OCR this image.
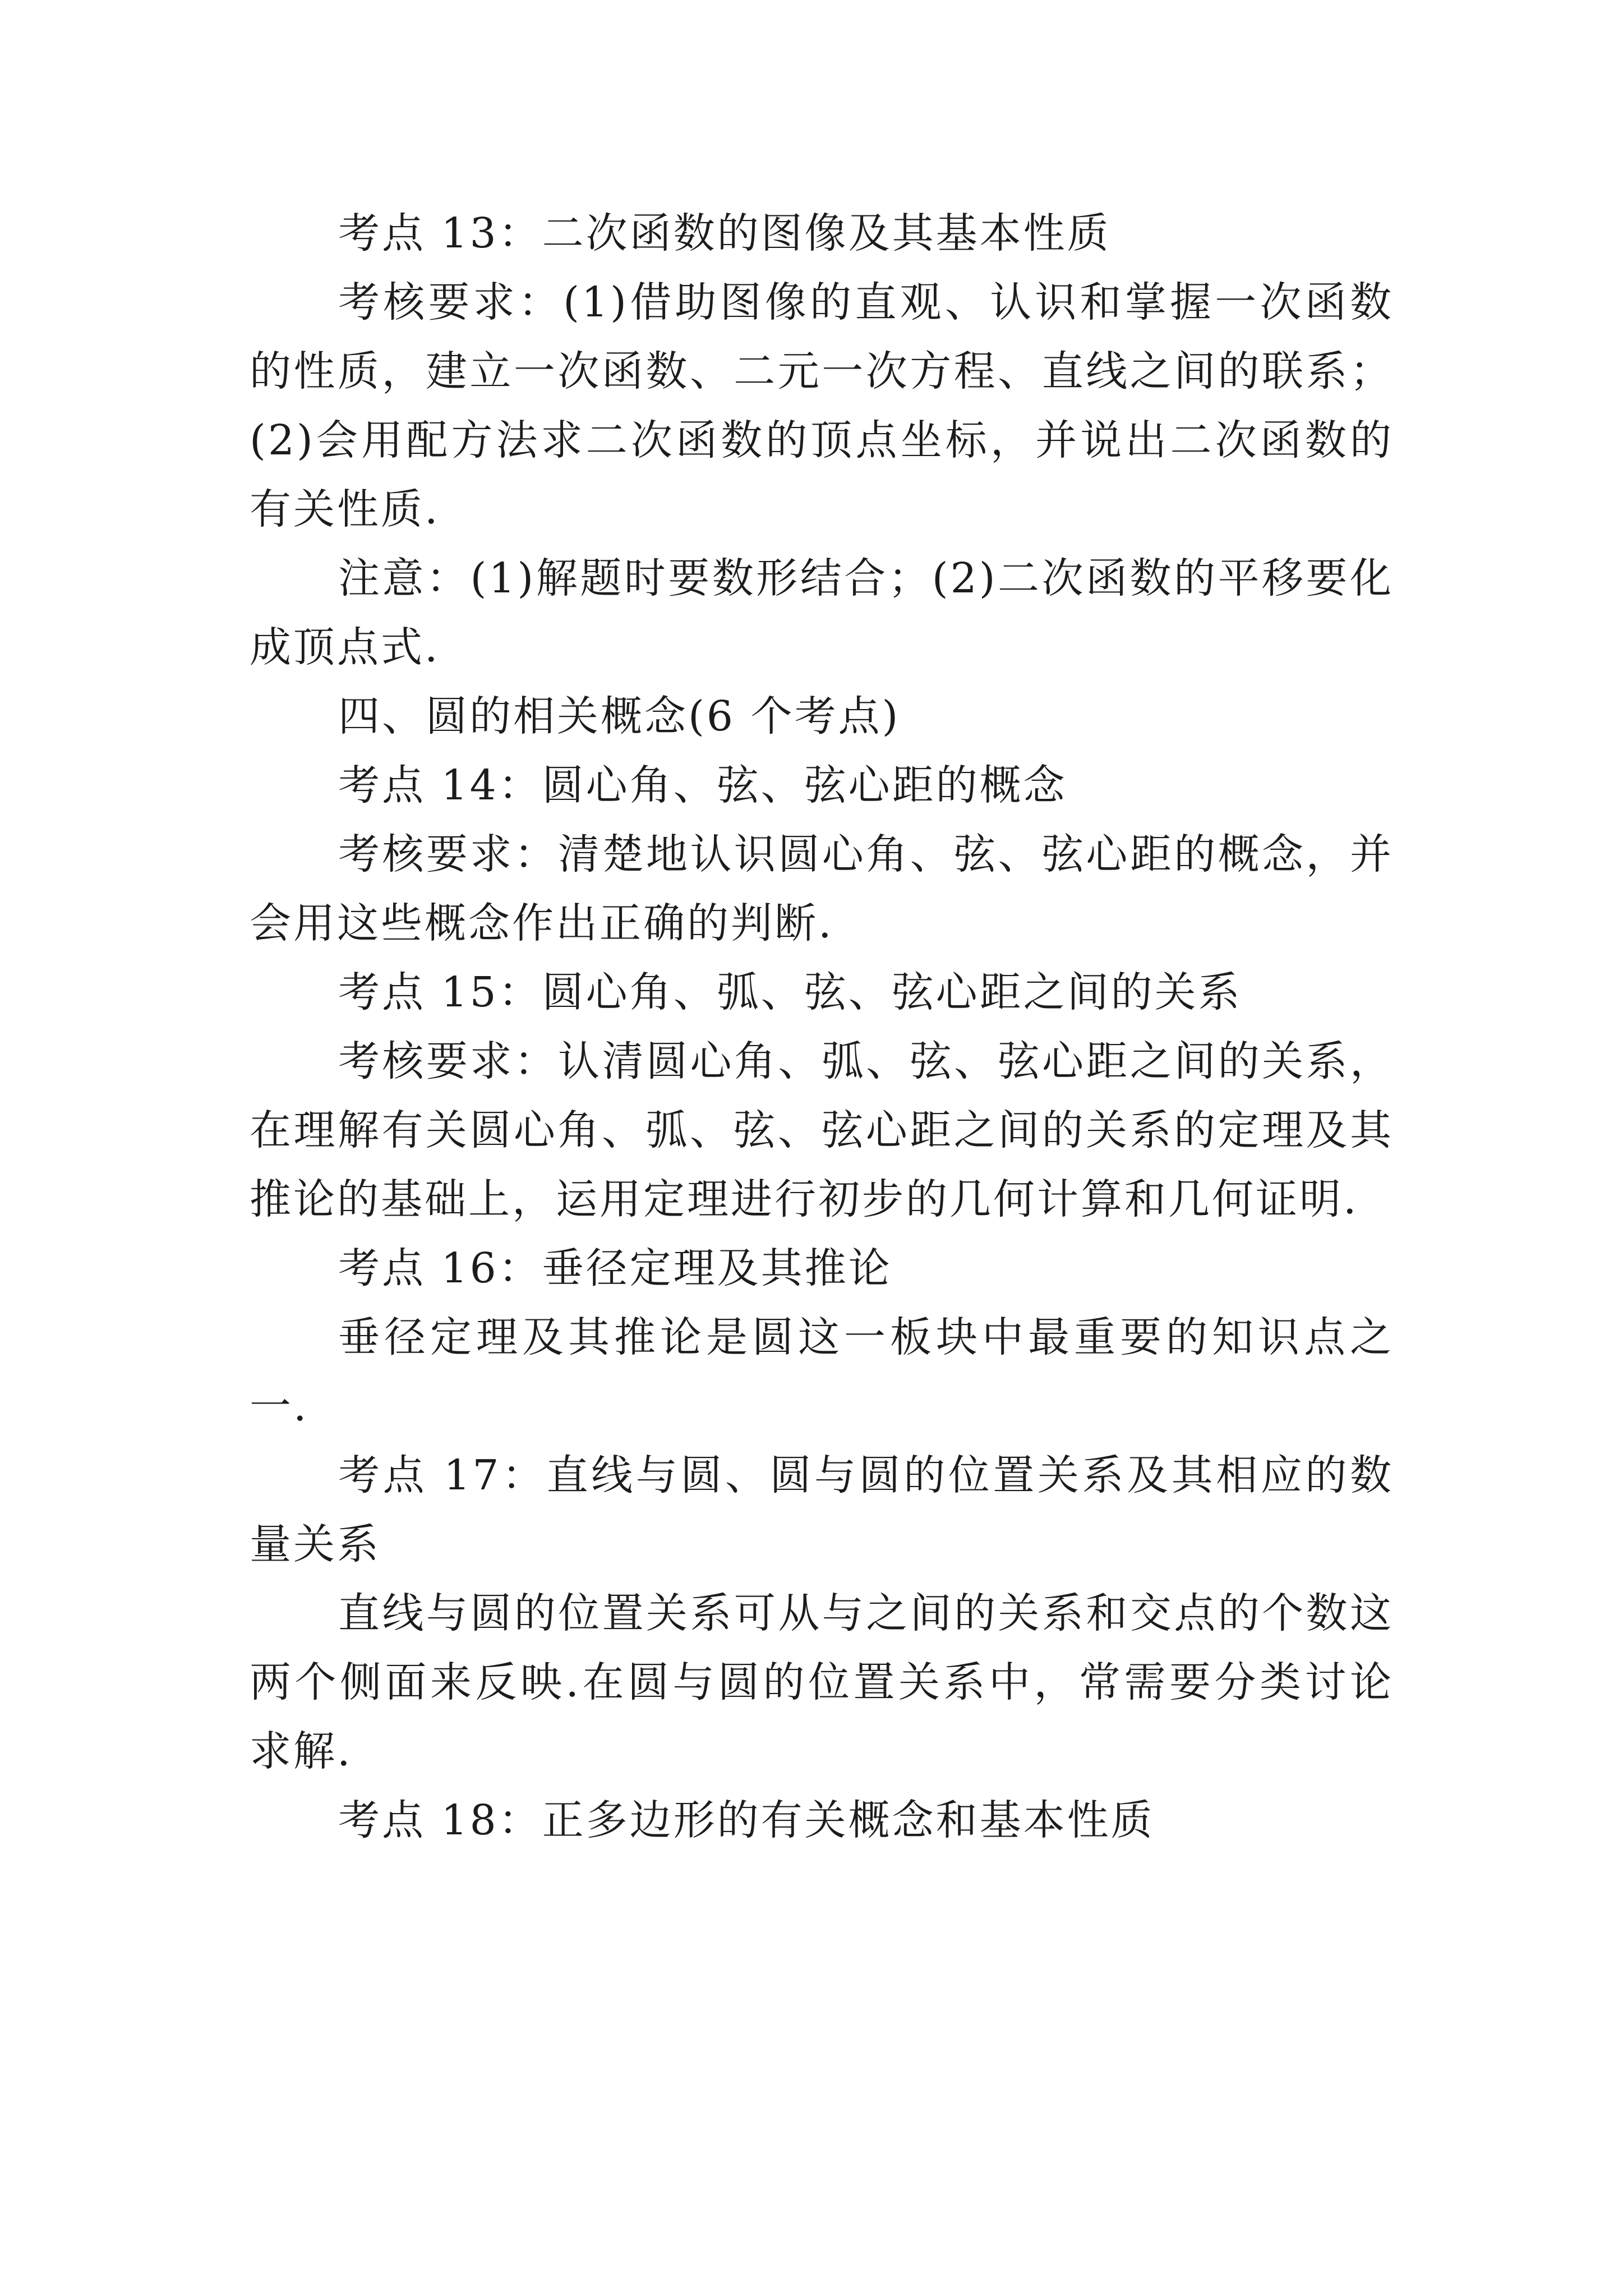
考点 13：二次函数的图像及其基本性质

考核要求：(1)借助图像的直观、认识和掌握一次函数的性质，建立一次函数、二元一次方程、直线之间的联系；(2)会用配方法求二次函数的顶点坐标，并说出二次函数的有关性质.

注意：(1)解题时要数形结合；(2)二次函数的平移要化成顶点式.

四、圆的相关概念(6 个考点)

考点 14：圆心角、弦、弦心距的概念

考核要求：清楚地认识圆心角、弦、弦心距的概念，并会用这些概念作出正确的判断.

考点 15：圆心角、弧、弦、弦心距之间的关系

考核要求：认清圆心角、弧、弦、弦心距之间的关系，在理解有关圆心角、弧、弦、弦心距之间的关系的定理及其推论的基础上，运用定理进行初步的几何计算和几何证明.

考点 16：垂径定理及其推论

垂径定理及其推论是圆这一板块中最重要的知识点之一.

考点 17：直线与圆、圆与圆的位置关系及其相应的数量关系

直线与圆的位置关系可从与之间的关系和交点的个数这两个侧面来反映.在圆与圆的位置关系中，常需要分类讨论求解.

考点 18：正多边形的有关概念和基本性质
